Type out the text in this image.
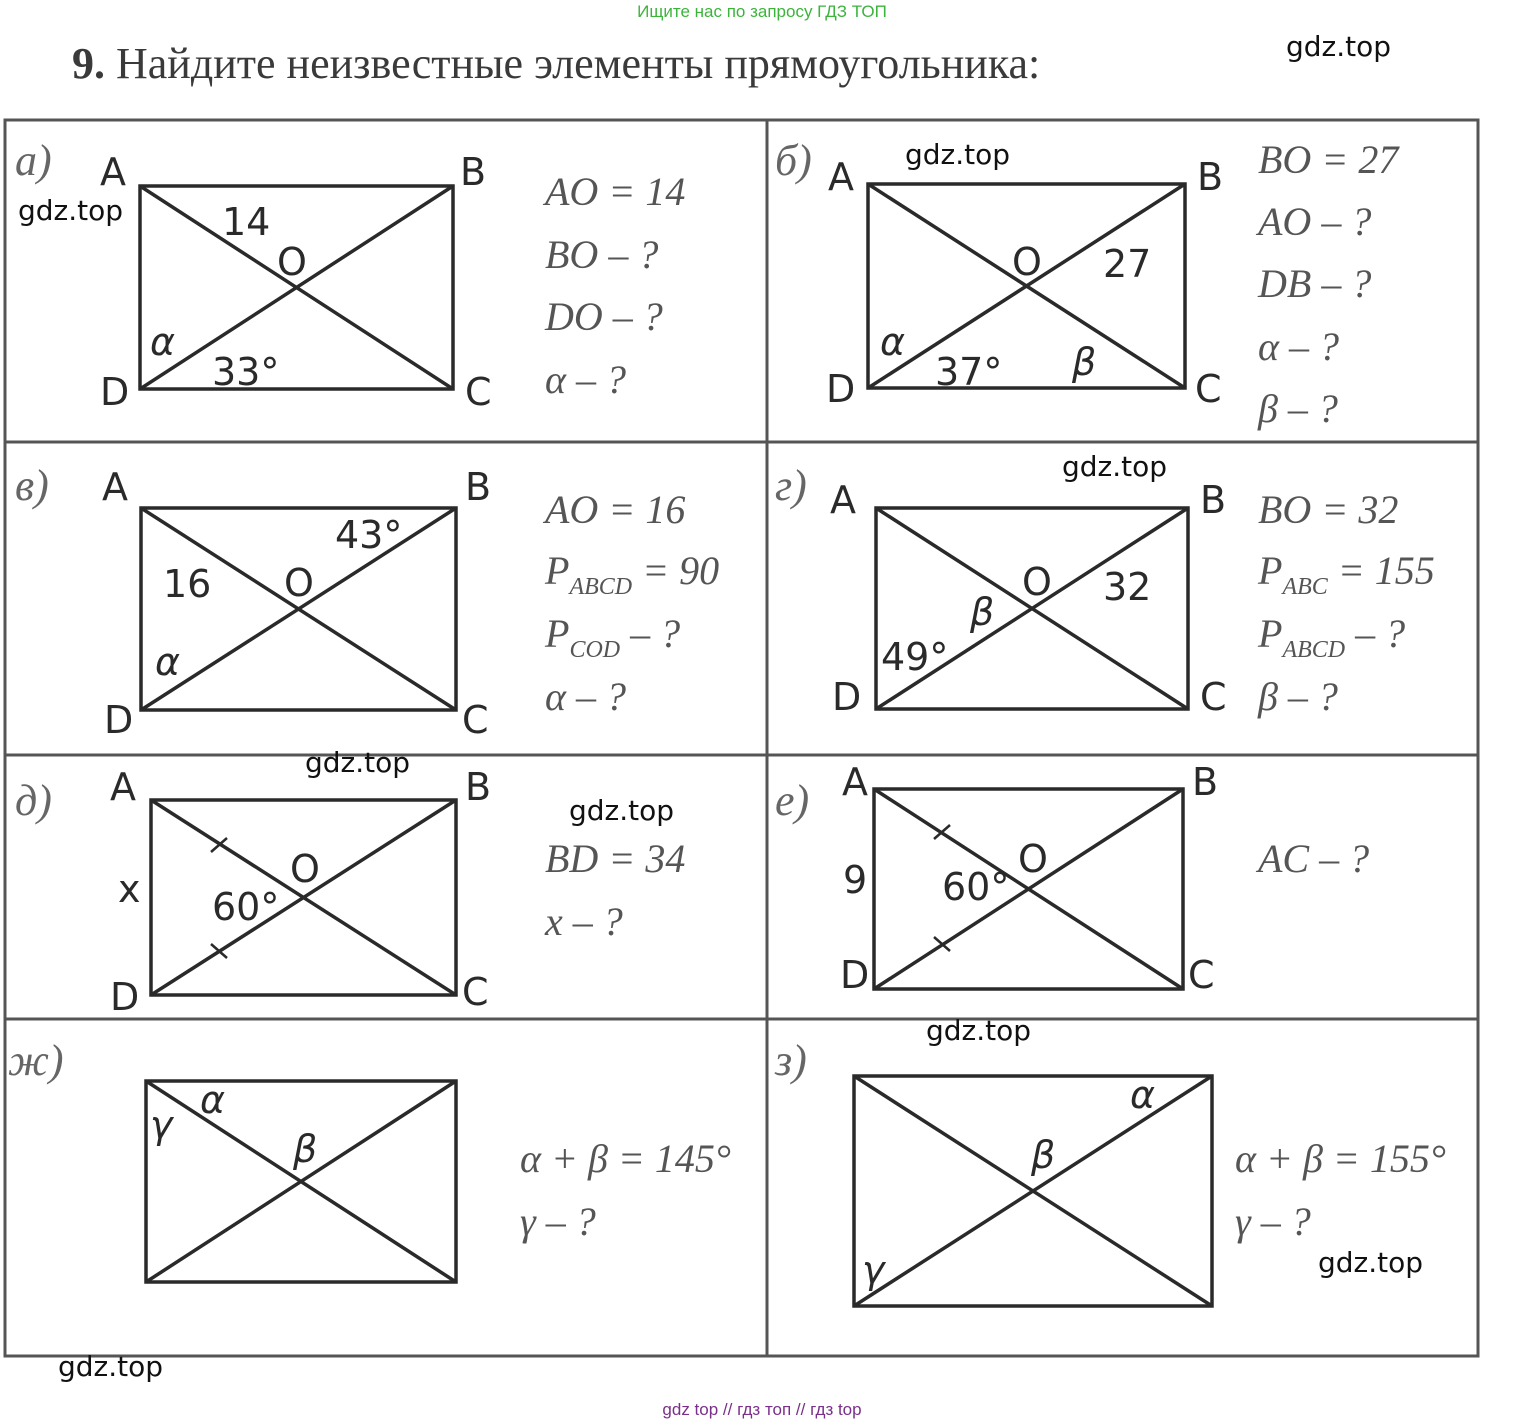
Ищите нас по запросу ГДЗ ТОП
9. Найдите неизвестные элементы прямоугольника:
а) A	B
C
D
O
14
α
33°
AO = 14
BO – ?
DO – ?
α – ?
б) A	B
C
D
O 27
α
37° β
BO = 27
AO – ?
DB – ?
α – ?
β – ?
в) A	B
C
D
O
16
43°
α
AO = 16
$P_{ABCD} = 90$
$P_{COD}$ – ?
α – ?
г) A	B
C
D
O 32
β
49°
BO = 32
$P_{ABC} = 155$
$P_{ABCD}$ – ?
β – ?
д) A	B
C
D
O
x 60°
BD = 34
x – ?
е) A	B
C
D
O
9 60°
AC – ?
ж)
γ
α
β	α + β = 145°
γ – ?
з)
α
β
γ
α + β = 155°
γ – ?
gdz.top
gdz.top
gdz.top
gdz.top
gdz.top
gdz.top
gdz.top
gdz.top
gdz.top
gdz top // гдз топ // гдз top
